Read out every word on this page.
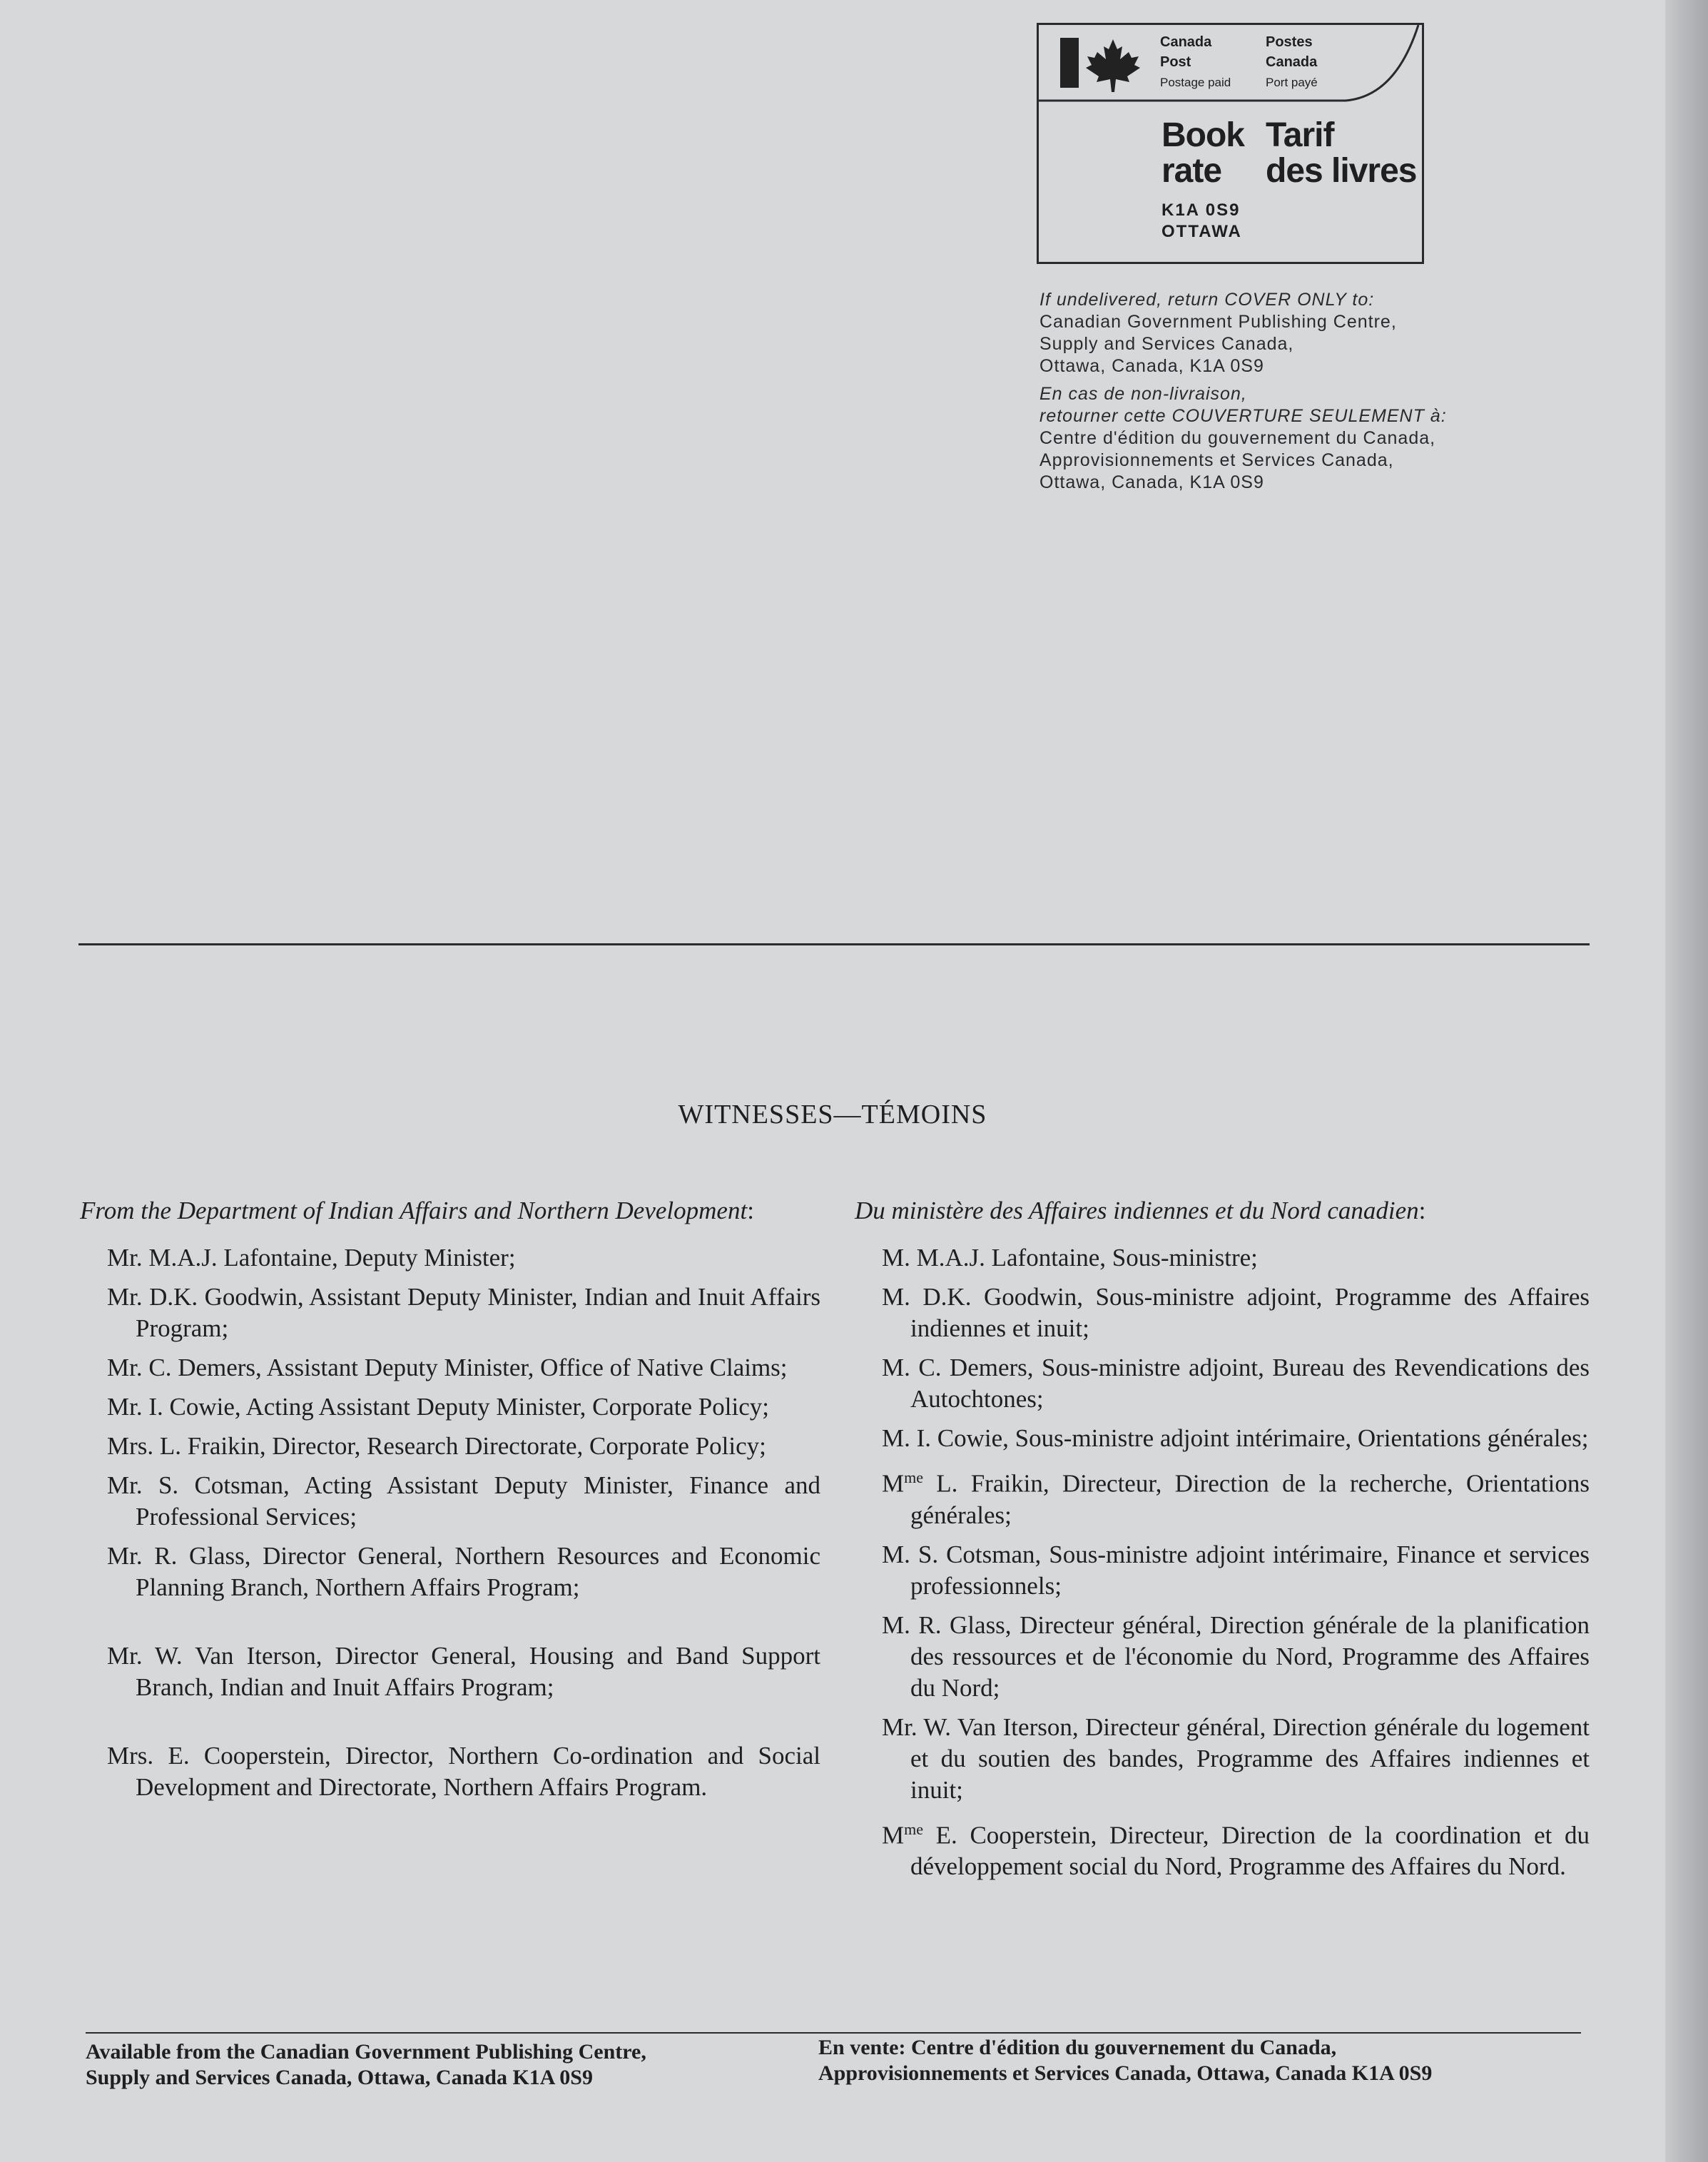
Canada
Post
Postage paid
Postes
Canada
Port payé
Book
rate
Tarif
des livres
K1A 0S9
OTTAWA
If undelivered, return COVER ONLY to:
Canadian Government Publishing Centre,
Supply and Services Canada,
Ottawa, Canada, K1A 0S9
En cas de non-livraison,
retourner cette COUVERTURE SEULEMENT à:
Centre d'édition du gouvernement du Canada,
Approvisionnements et Services Canada,
Ottawa, Canada, K1A 0S9
WITNESSES—TÉMOINS

From the Department of Indian Affairs and Northern Development:

Mr. M.A.J. Lafontaine, Deputy Minister;
Mr. D.K. Goodwin, Assistant Deputy Minister, Indian and Inuit Affairs Program;
Mr. C. Demers, Assistant Deputy Minister, Office of Native Claims;
Mr. I. Cowie, Acting Assistant Deputy Minister, Corporate Policy;
Mrs. L. Fraikin, Director, Research Directorate, Corporate Policy;
Mr. S. Cotsman, Acting Assistant Deputy Minister, Finance and Professional Services;
Mr. R. Glass, Director General, Northern Resources and Economic Planning Branch, Northern Affairs Program;
Mr. W. Van Iterson, Director General, Housing and Band Support Branch, Indian and Inuit Affairs Program;
Mrs. E. Cooperstein, Director, Northern Co-ordination and Social Development and Directorate, Northern Affairs Program.

Du ministère des Affaires indiennes et du Nord canadien:

M. M.A.J. Lafontaine, Sous-ministre;
M. D.K. Goodwin, Sous-ministre adjoint, Programme des Affaires indiennes et inuit;
M. C. Demers, Sous-ministre adjoint, Bureau des Revendications des Autochtones;
M. I. Cowie, Sous-ministre adjoint intérimaire, Orientations générales;
$M^{me}$ L. Fraikin, Directeur, Direction de la recherche, Orientations générales;
M. S. Cotsman, Sous-ministre adjoint intérimaire, Finance et services professionnels;
M. R. Glass, Directeur général, Direction générale de la planification des ressources et de l'économie du Nord, Programme des Affaires du Nord;
Mr. W. Van Iterson, Directeur général, Direction générale du logement et du soutien des bandes, Programme des Affaires indiennes et inuit;
$M^{me}$ E. Cooperstein, Directeur, Direction de la coordination et du développement social du Nord, Programme des Affaires du Nord.
Available from the Canadian Government Publishing Centre,
Supply and Services Canada, Ottawa, Canada K1A 0S9
En vente: Centre d'édition du gouvernement du Canada,
Approvisionnements et Services Canada, Ottawa, Canada K1A 0S9
